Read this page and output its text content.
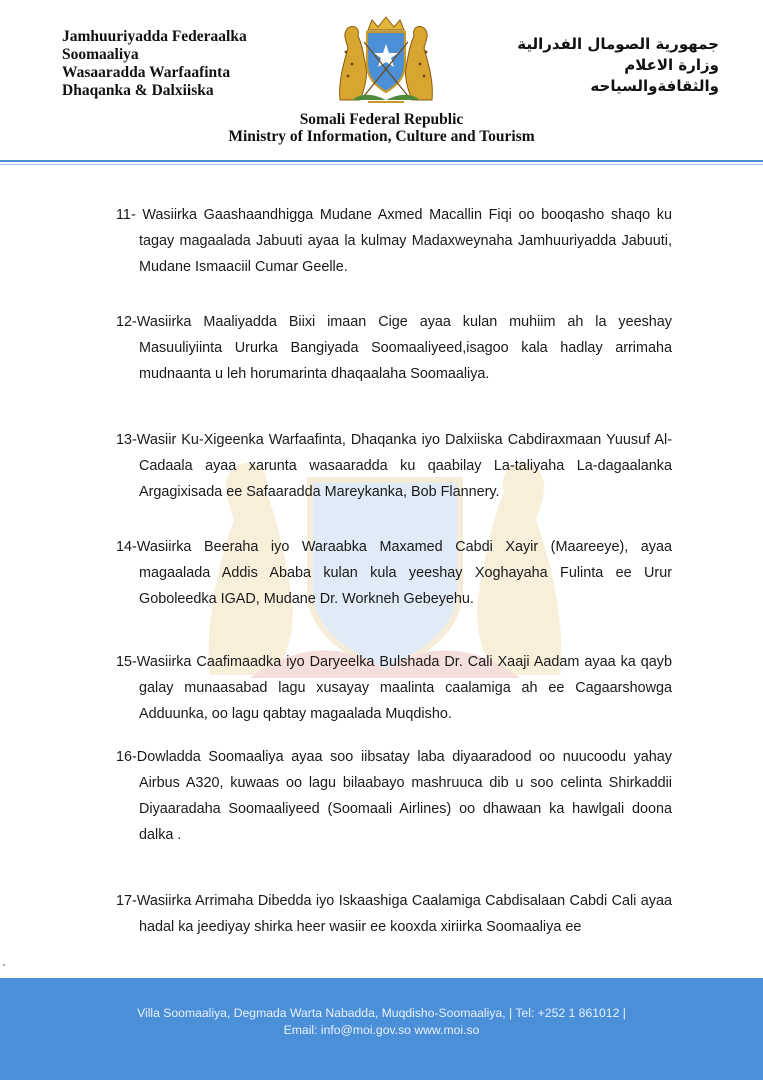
Jamhuuriyadda Federaalka
Soomaaliya
Wasaaradda Warfaafinta
Dhaqanka & Dalxiiska
جمهورية الصومال الفدرالية
وزارة الاعلام
والثقافةوالسياحه
Somali Federal Republic
Ministry of Information, Culture and Tourism

11- Wasiirka Gaashaandhigga Mudane Axmed Macallin Fiqi oo booqasho shaqo ku tagay magaalada Jabuuti ayaa la kulmay Madaxweynaha Jamhuuriyadda Jabuuti, Mudane Ismaaciil Cumar Geelle.

12-Wasiirka Maaliyadda Biixi imaan Cige ayaa kulan muhiim ah la yeeshay Masuuliyiinta Ururka Bangiyada Soomaaliyeed,isagoo kala hadlay arrimaha mudnaanta u leh horumarinta dhaqaalaha Soomaaliya.

13-Wasiir Ku-Xigeenka Warfaafinta, Dhaqanka iyo Dalxiiska Cabdiraxmaan Yuusuf Al-Cadaala ayaa xarunta wasaaradda ku qaabilay La-taliyaha La-dagaalanka Argagixisada ee Safaaradda Mareykanka, Bob Flannery.

14-Wasiirka Beeraha iyo Waraabka Maxamed Cabdi Xayir (Maareeye), ayaa magaalada Addis Ababa kulan kula yeeshay Xoghayaha Fulinta ee Urur Goboleedka IGAD, Mudane Dr. Workneh Gebeyehu.

15-Wasiirka Caafimaadka iyo Daryeelka Bulshada Dr. Cali Xaaji Aadam ayaa ka qayb galay munaasabad lagu xusayay maalinta caalamiga ah ee Cagaarshowga Adduunka, oo lagu qabtay magaalada Muqdisho.

16-Dowladda Soomaaliya ayaa soo iibsatay laba diyaaradood oo nuucoodu yahay Airbus A320, kuwaas oo lagu bilaabayo mashruuca dib u soo celinta Shirkaddii Diyaaradaha Soomaaliyeed (Soomaali Airlines) oo dhawaan ka hawlgali doona dalka .

17-Wasiirka Arrimaha Dibedda iyo Iskaashiga Caalamiga Cabdisalaan Cabdi Cali ayaa hadal ka jeediyay shirka heer wasiir ee kooxda xiriirka Soomaaliya ee

Villa Soomaaliya, Degmada Warta Nabadda, Muqdisho-Soomaaliya, | Tel: +252 1 861012 |
Email: info@moi.gov.so www.moi.so
